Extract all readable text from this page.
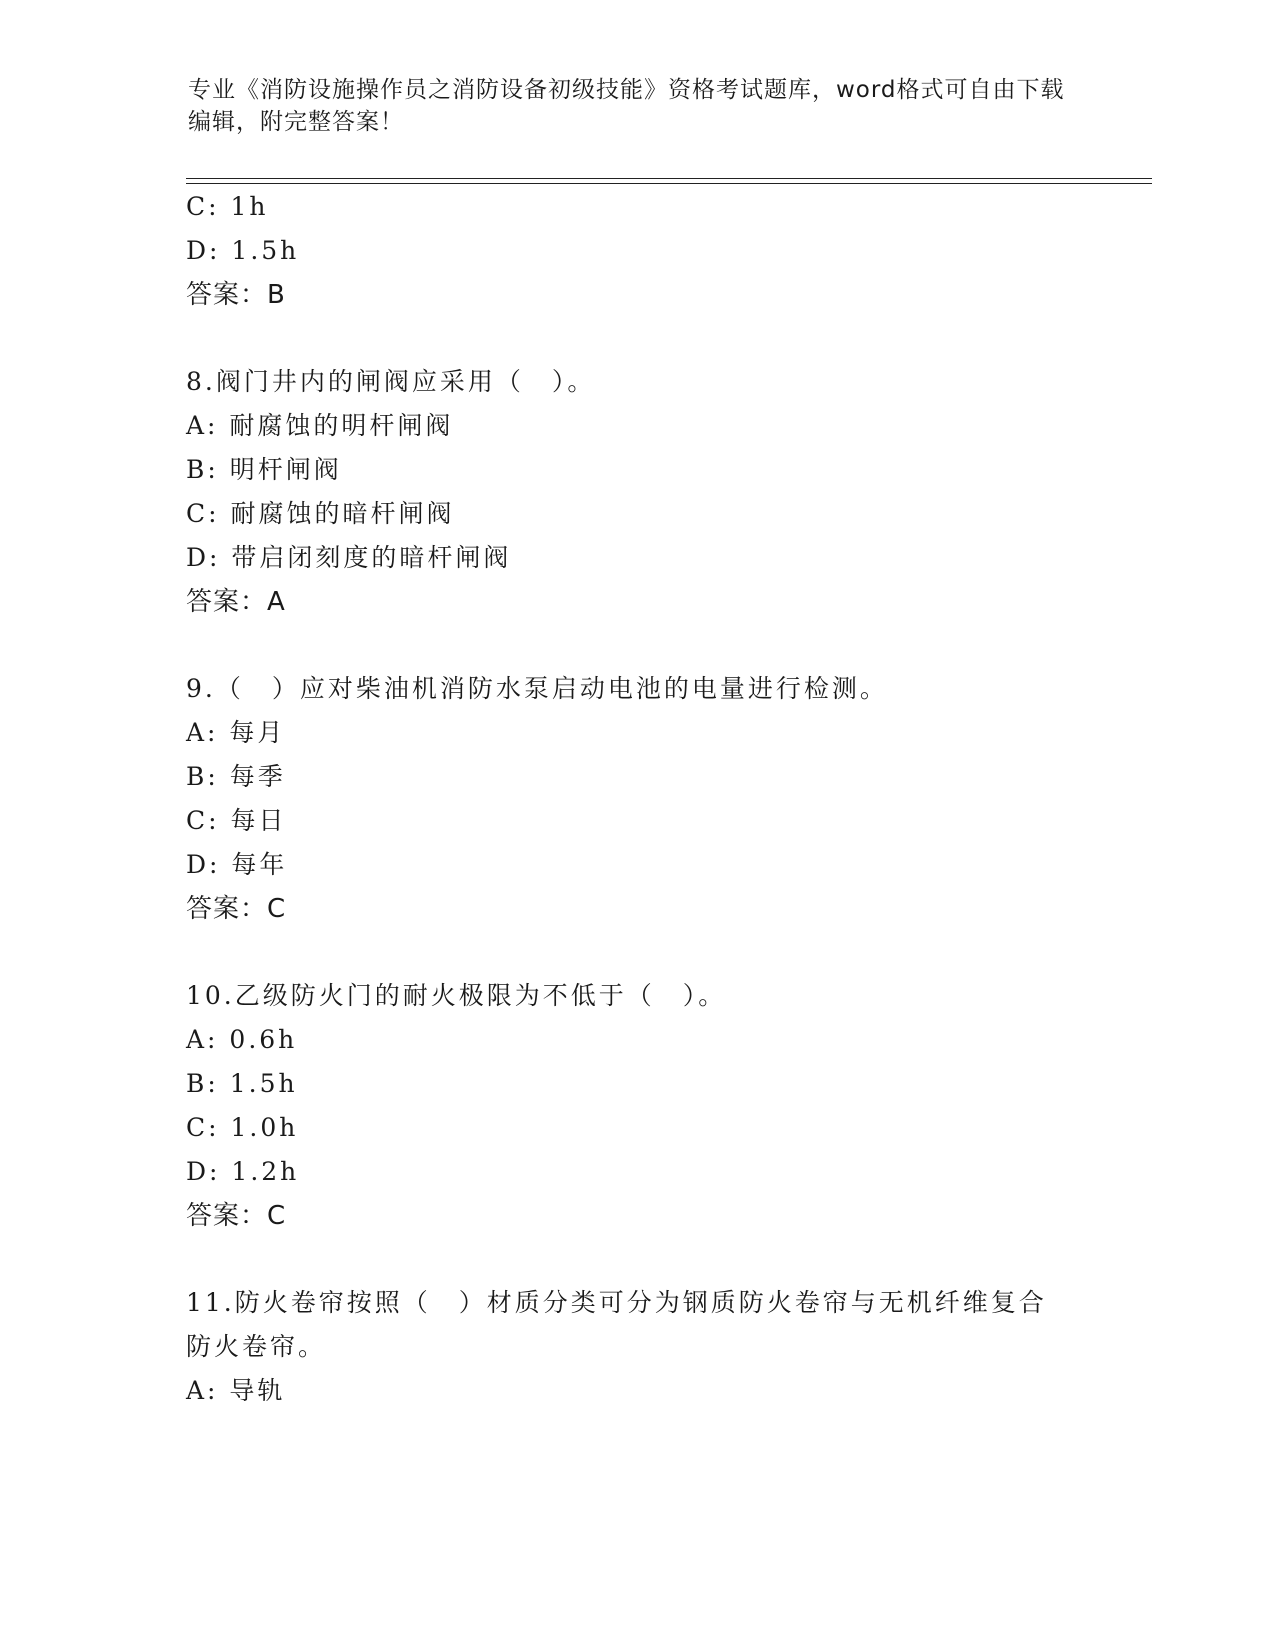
专业《消防设施操作员之消防设备初级技能》资格考试题库，word格式可自由下载编辑，附完整答案！
C: 1h
D: 1.5h
答案：B
8.阀门井内的闸阀应采用（　）。
A: 耐腐蚀的明杆闸阀
B: 明杆闸阀
C: 耐腐蚀的暗杆闸阀
D: 带启闭刻度的暗杆闸阀
答案：A
9.（　）应对柴油机消防水泵启动电池的电量进行检测。
A: 每月
B: 每季
C: 每日
D: 每年
答案：C
10.乙级防火门的耐火极限为不低于（　）。
A: 0.6h
B: 1.5h
C: 1.0h
D: 1.2h
答案：C
11.防火卷帘按照（　）材质分类可分为钢质防火卷帘与无机纤维复合
防火卷帘。
A: 导轨
